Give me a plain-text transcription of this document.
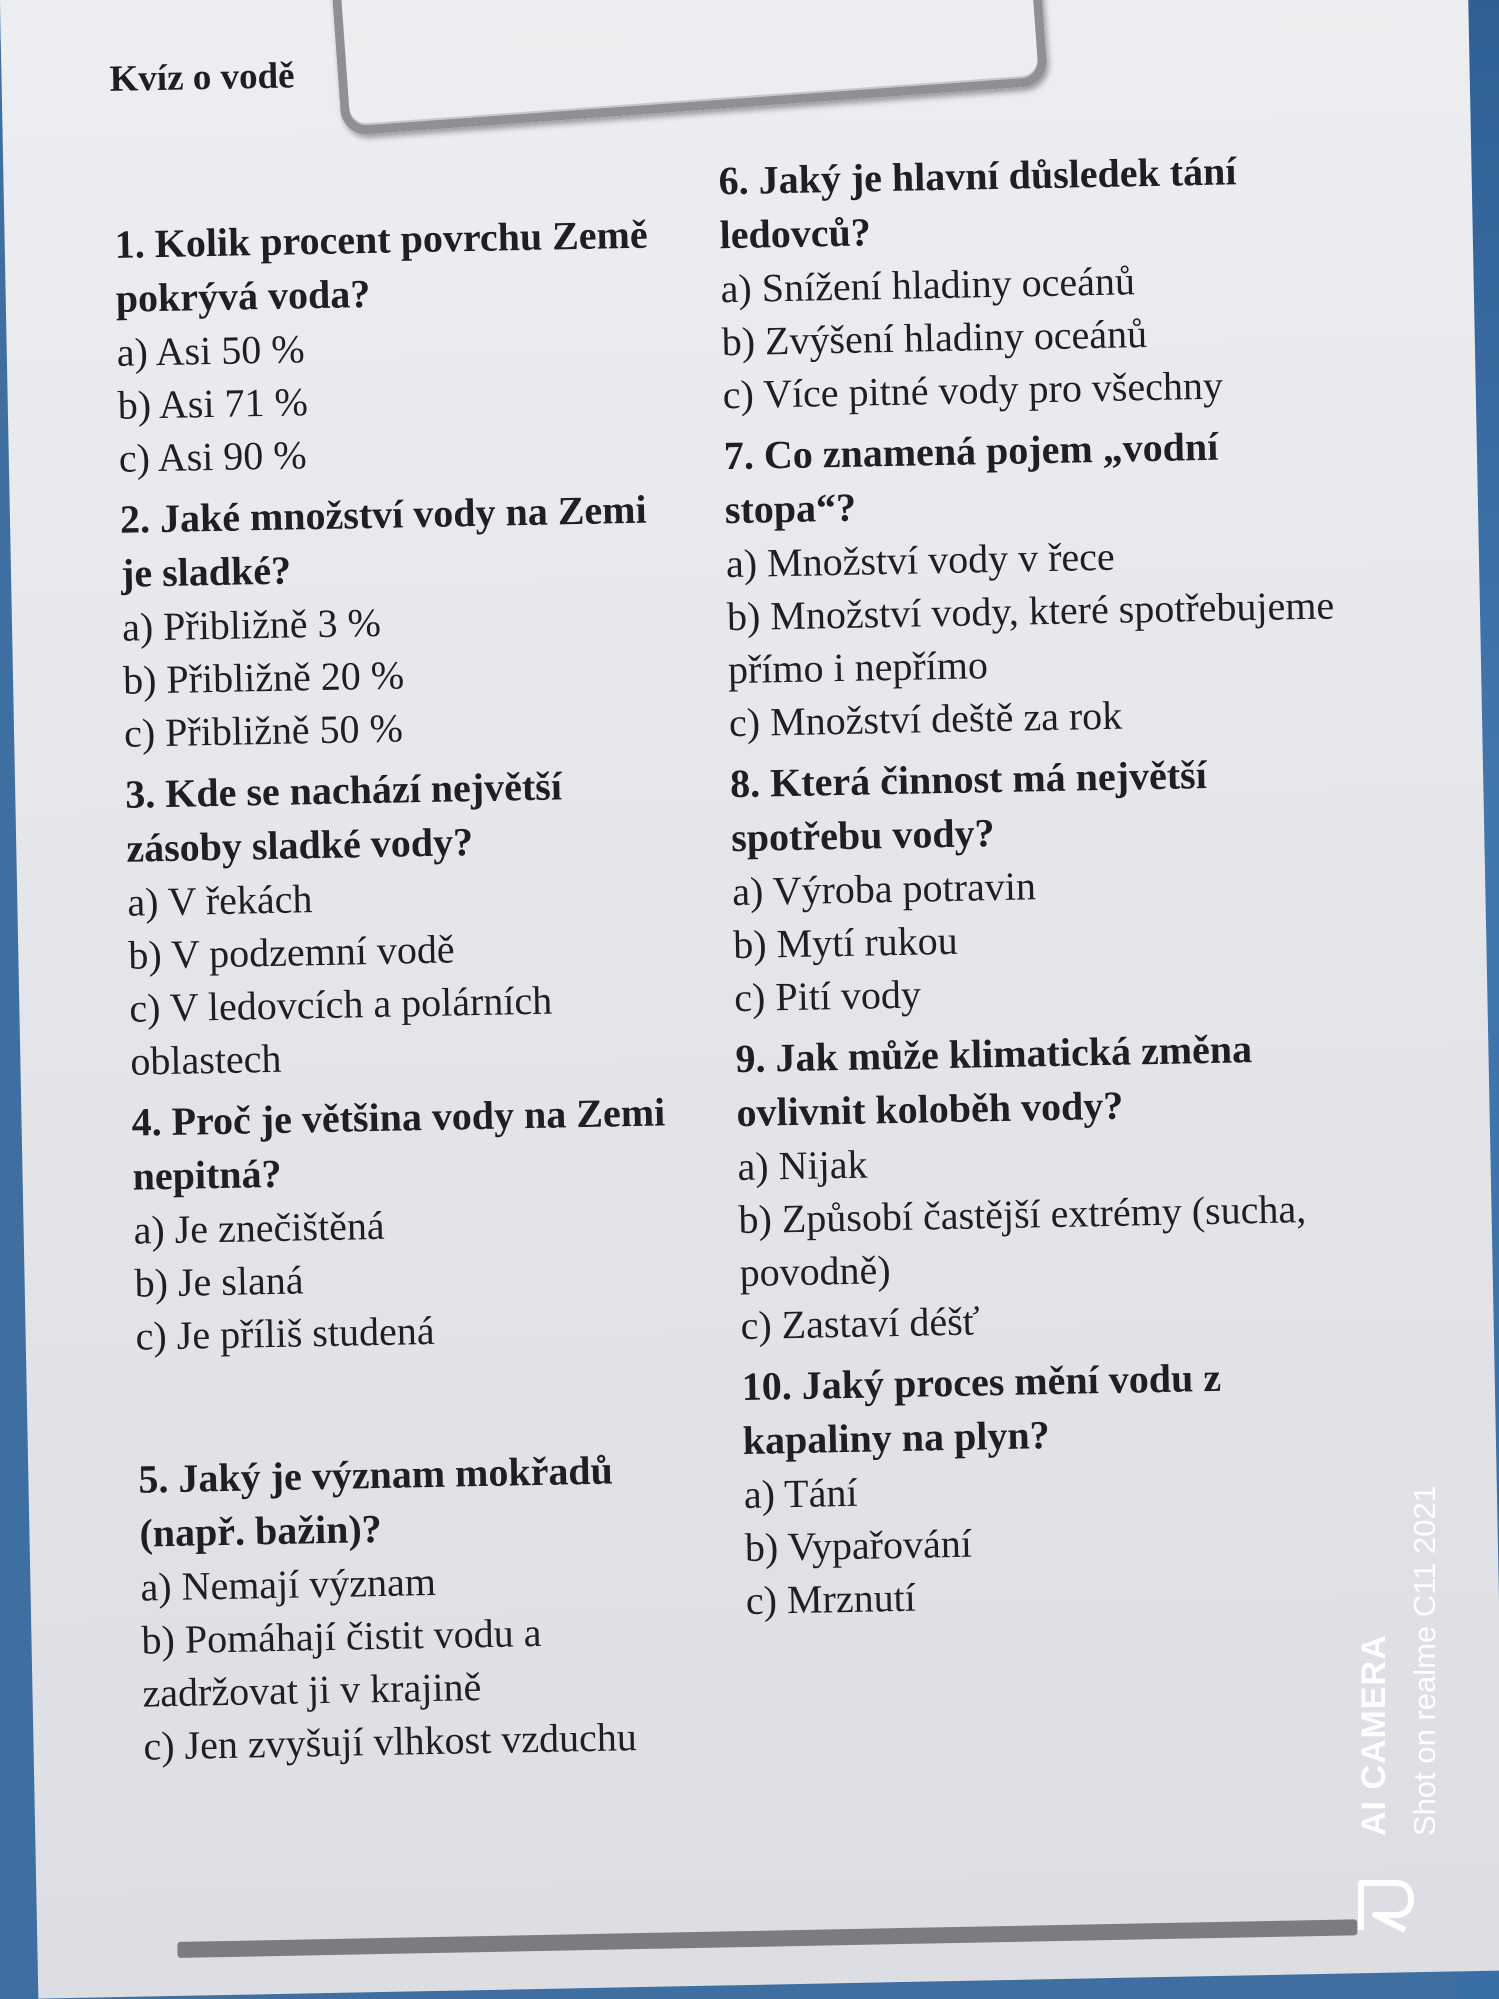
Kvíz o vodě
1. Kolik procent povrchu Země pokrývá voda?
a) Asi 50 %
b) Asi 71 %
c) Asi 90 %
2. Jaké množství vody na Zemi je sladké?
a) Přibližně 3 %
b) Přibližně 20 %
c) Přibližně 50 %
3. Kde se nachází největší zásoby sladké vody?
a) V řekách
b) V podzemní vodě
c) V ledovcích a polárních oblastech
4. Proč je většina vody na Zemi nepitná?
a) Je znečištěná
b) Je slaná
c) Je příliš studená
5. Jaký je význam mokřadů (např. bažin)?
a) Nemají význam
b) Pomáhají čistit vodu a zadržovat ji v krajině
c) Jen zvyšují vlhkost vzduchu
6. Jaký je hlavní důsledek tání ledovců?
a) Snížení hladiny oceánů
b) Zvýšení hladiny oceánů
c) Více pitné vody pro všechny
7. Co znamená pojem „vodní stopa“?
a) Množství vody v řece
b) Množství vody, které spotřebujeme přímo i nepřímo
c) Množství deště za rok
8. Která činnost má největší spotřebu vody?
a) Výroba potravin
b) Mytí rukou
c) Pití vody
9. Jak může klimatická změna ovlivnit koloběh vody?
a) Nijak
b) Způsobí častější extrémy (sucha, povodně)
c) Zastaví déšť
10. Jaký proces mění vodu z kapaliny na plyn?
a) Tání
b) Vypařování
c) Mrznutí
AI CAMERA Shot on realme C11 2021
